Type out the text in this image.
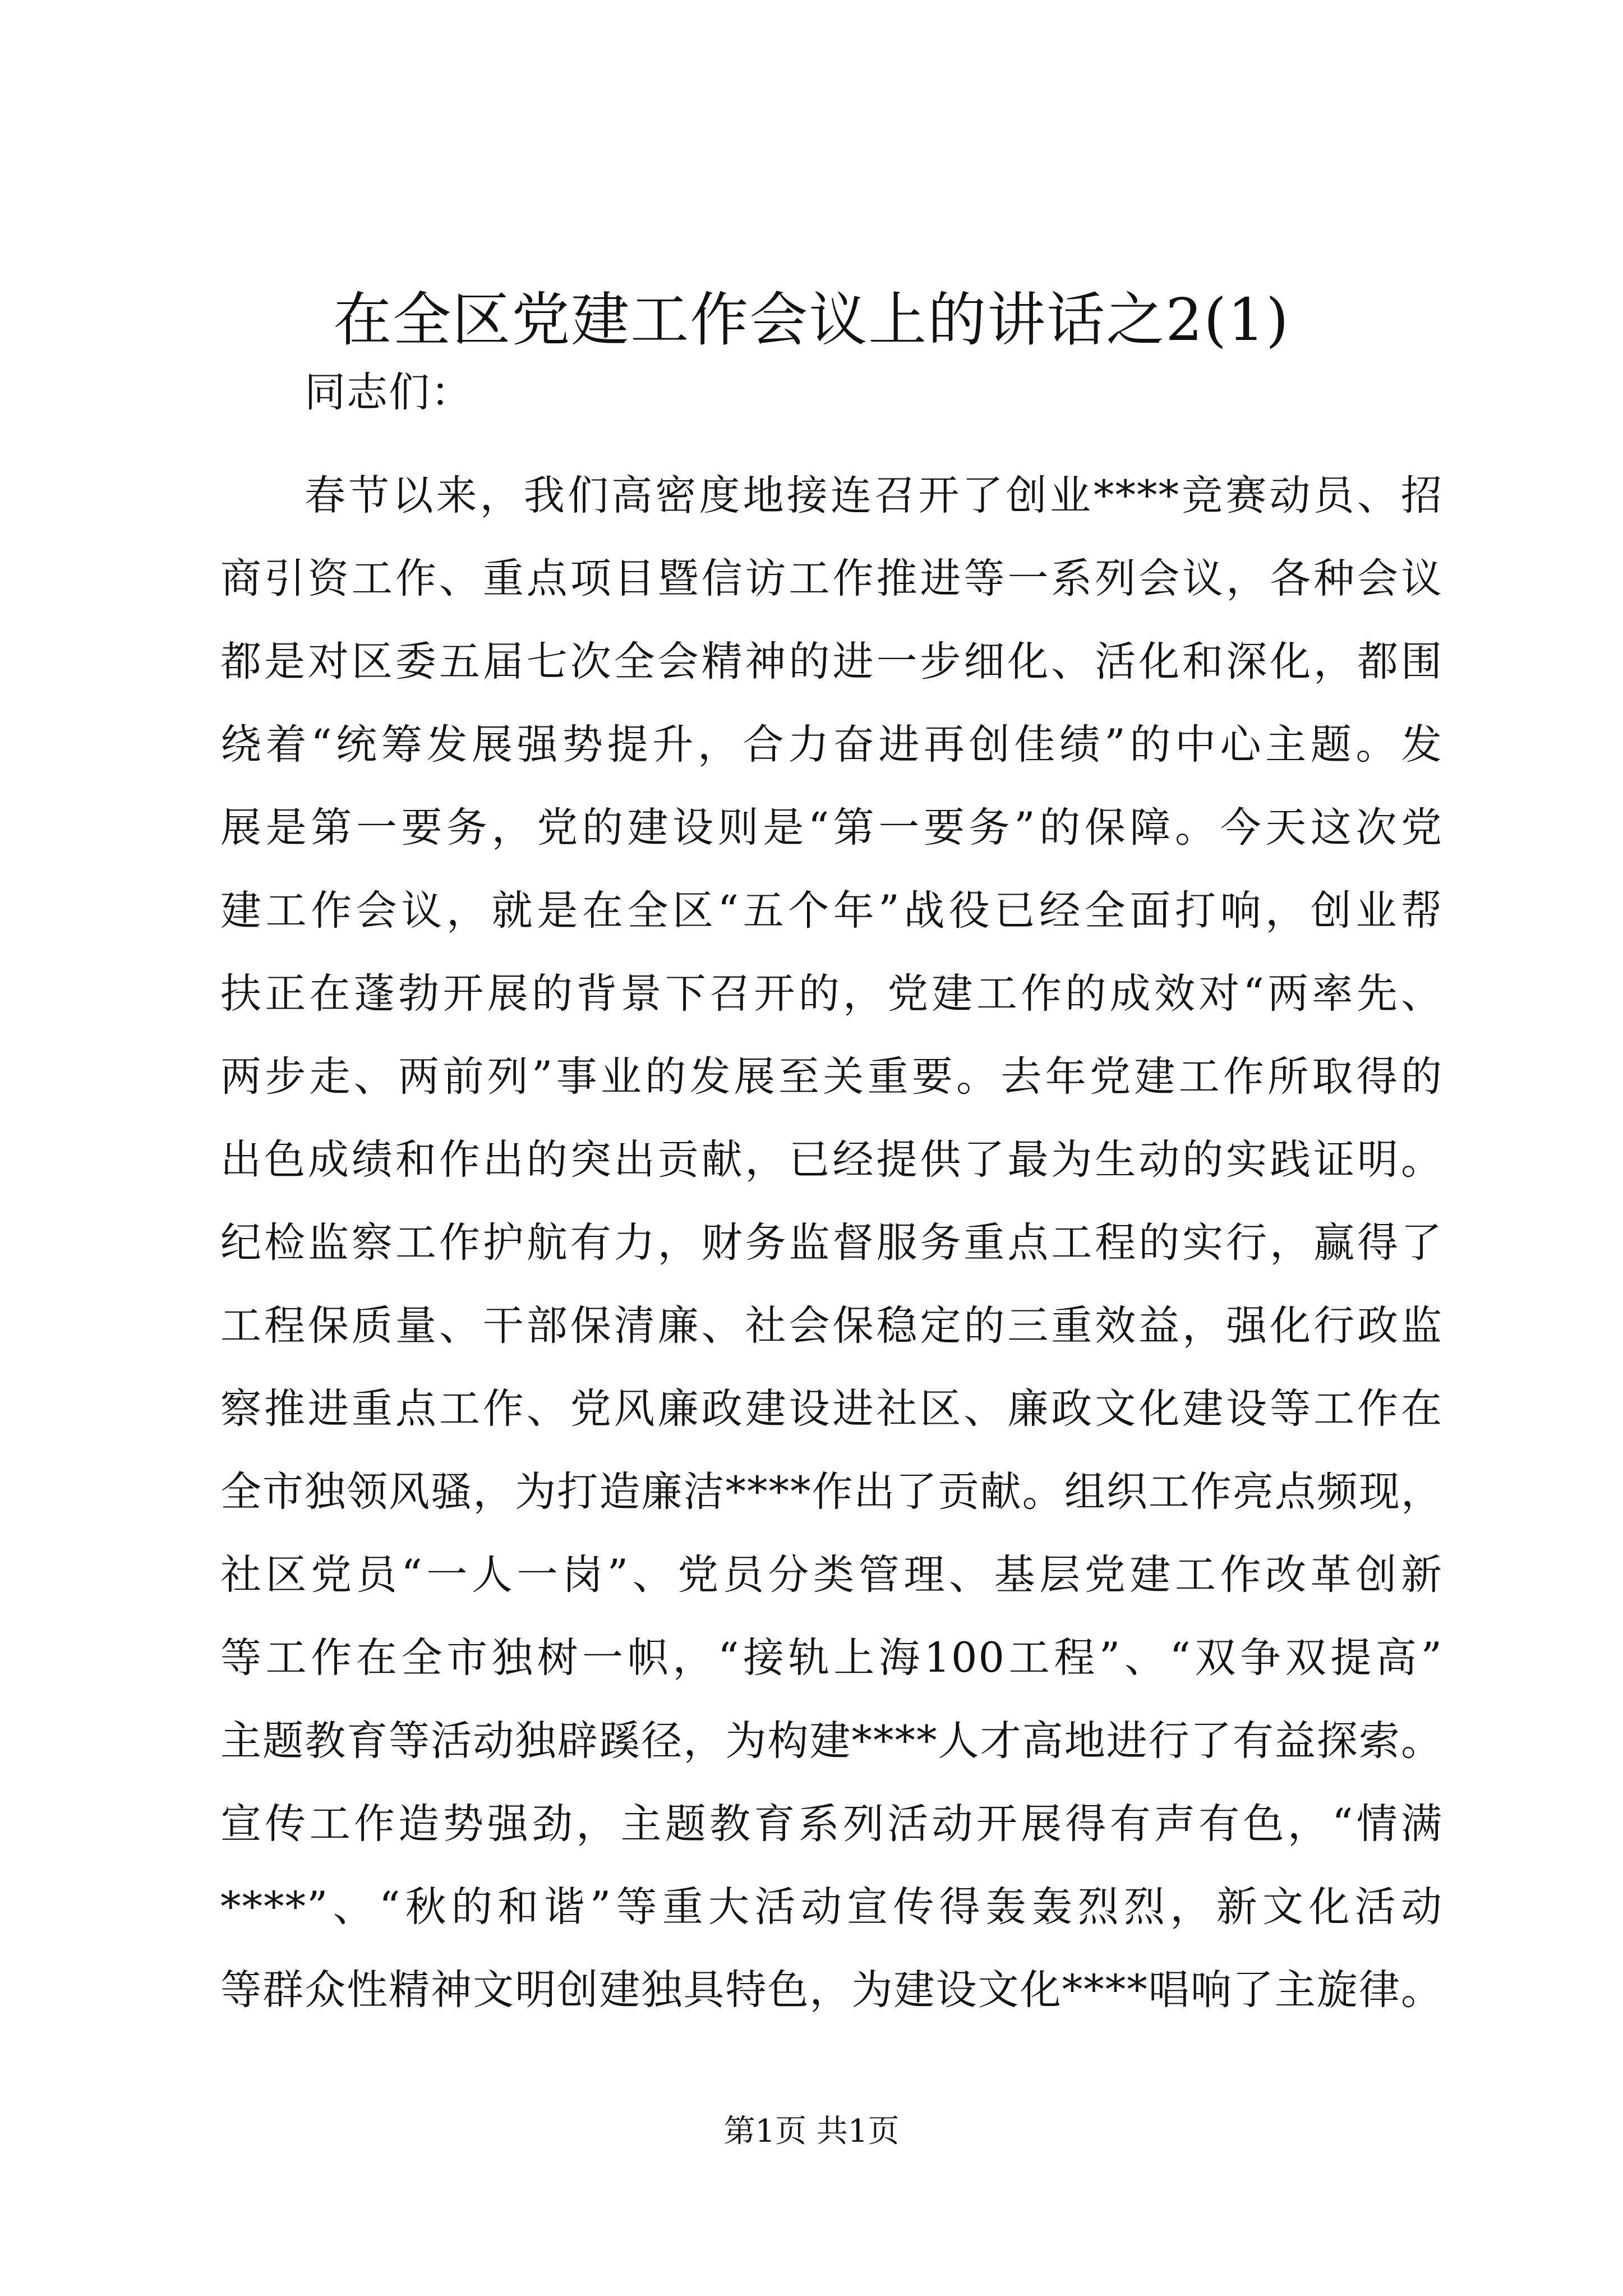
在全区党建工作会议上的讲话之2(1)
同志们：
春节以来，我们高密度地接连召开了创业****竞赛动员、招
商引资工作、重点项目暨信访工作推进等一系列会议，各种会议
都是对区委五届七次全会精神的进一步细化、活化和深化，都围
绕着“统筹发展强势提升，合力奋进再创佳绩”的中心主题。发
展是第一要务，党的建设则是“第一要务”的保障。今天这次党
建工作会议，就是在全区“五个年”战役已经全面打响，创业帮
扶正在蓬勃开展的背景下召开的，党建工作的成效对“两率先、
两步走、两前列”事业的发展至关重要。去年党建工作所取得的
出色成绩和作出的突出贡献，已经提供了最为生动的实践证明。
纪检监察工作护航有力，财务监督服务重点工程的实行，赢得了
工程保质量、干部保清廉、社会保稳定的三重效益，强化行政监
察推进重点工作、党风廉政建设进社区、廉政文化建设等工作在
全市独领风骚，为打造廉洁****作出了贡献。组织工作亮点频现，
社区党员“一人一岗”、党员分类管理、基层党建工作改革创新
等工作在全市独树一帜，“接轨上海100工程”、“双争双提高”
主题教育等活动独辟蹊径，为构建****人才高地进行了有益探索。
宣传工作造势强劲，主题教育系列活动开展得有声有色，“情满
****”、“秋的和谐”等重大活动宣传得轰轰烈烈，新文化活动
等群众性精神文明创建独具特色，为建设文化****唱响了主旋律。
第1页 共1页
